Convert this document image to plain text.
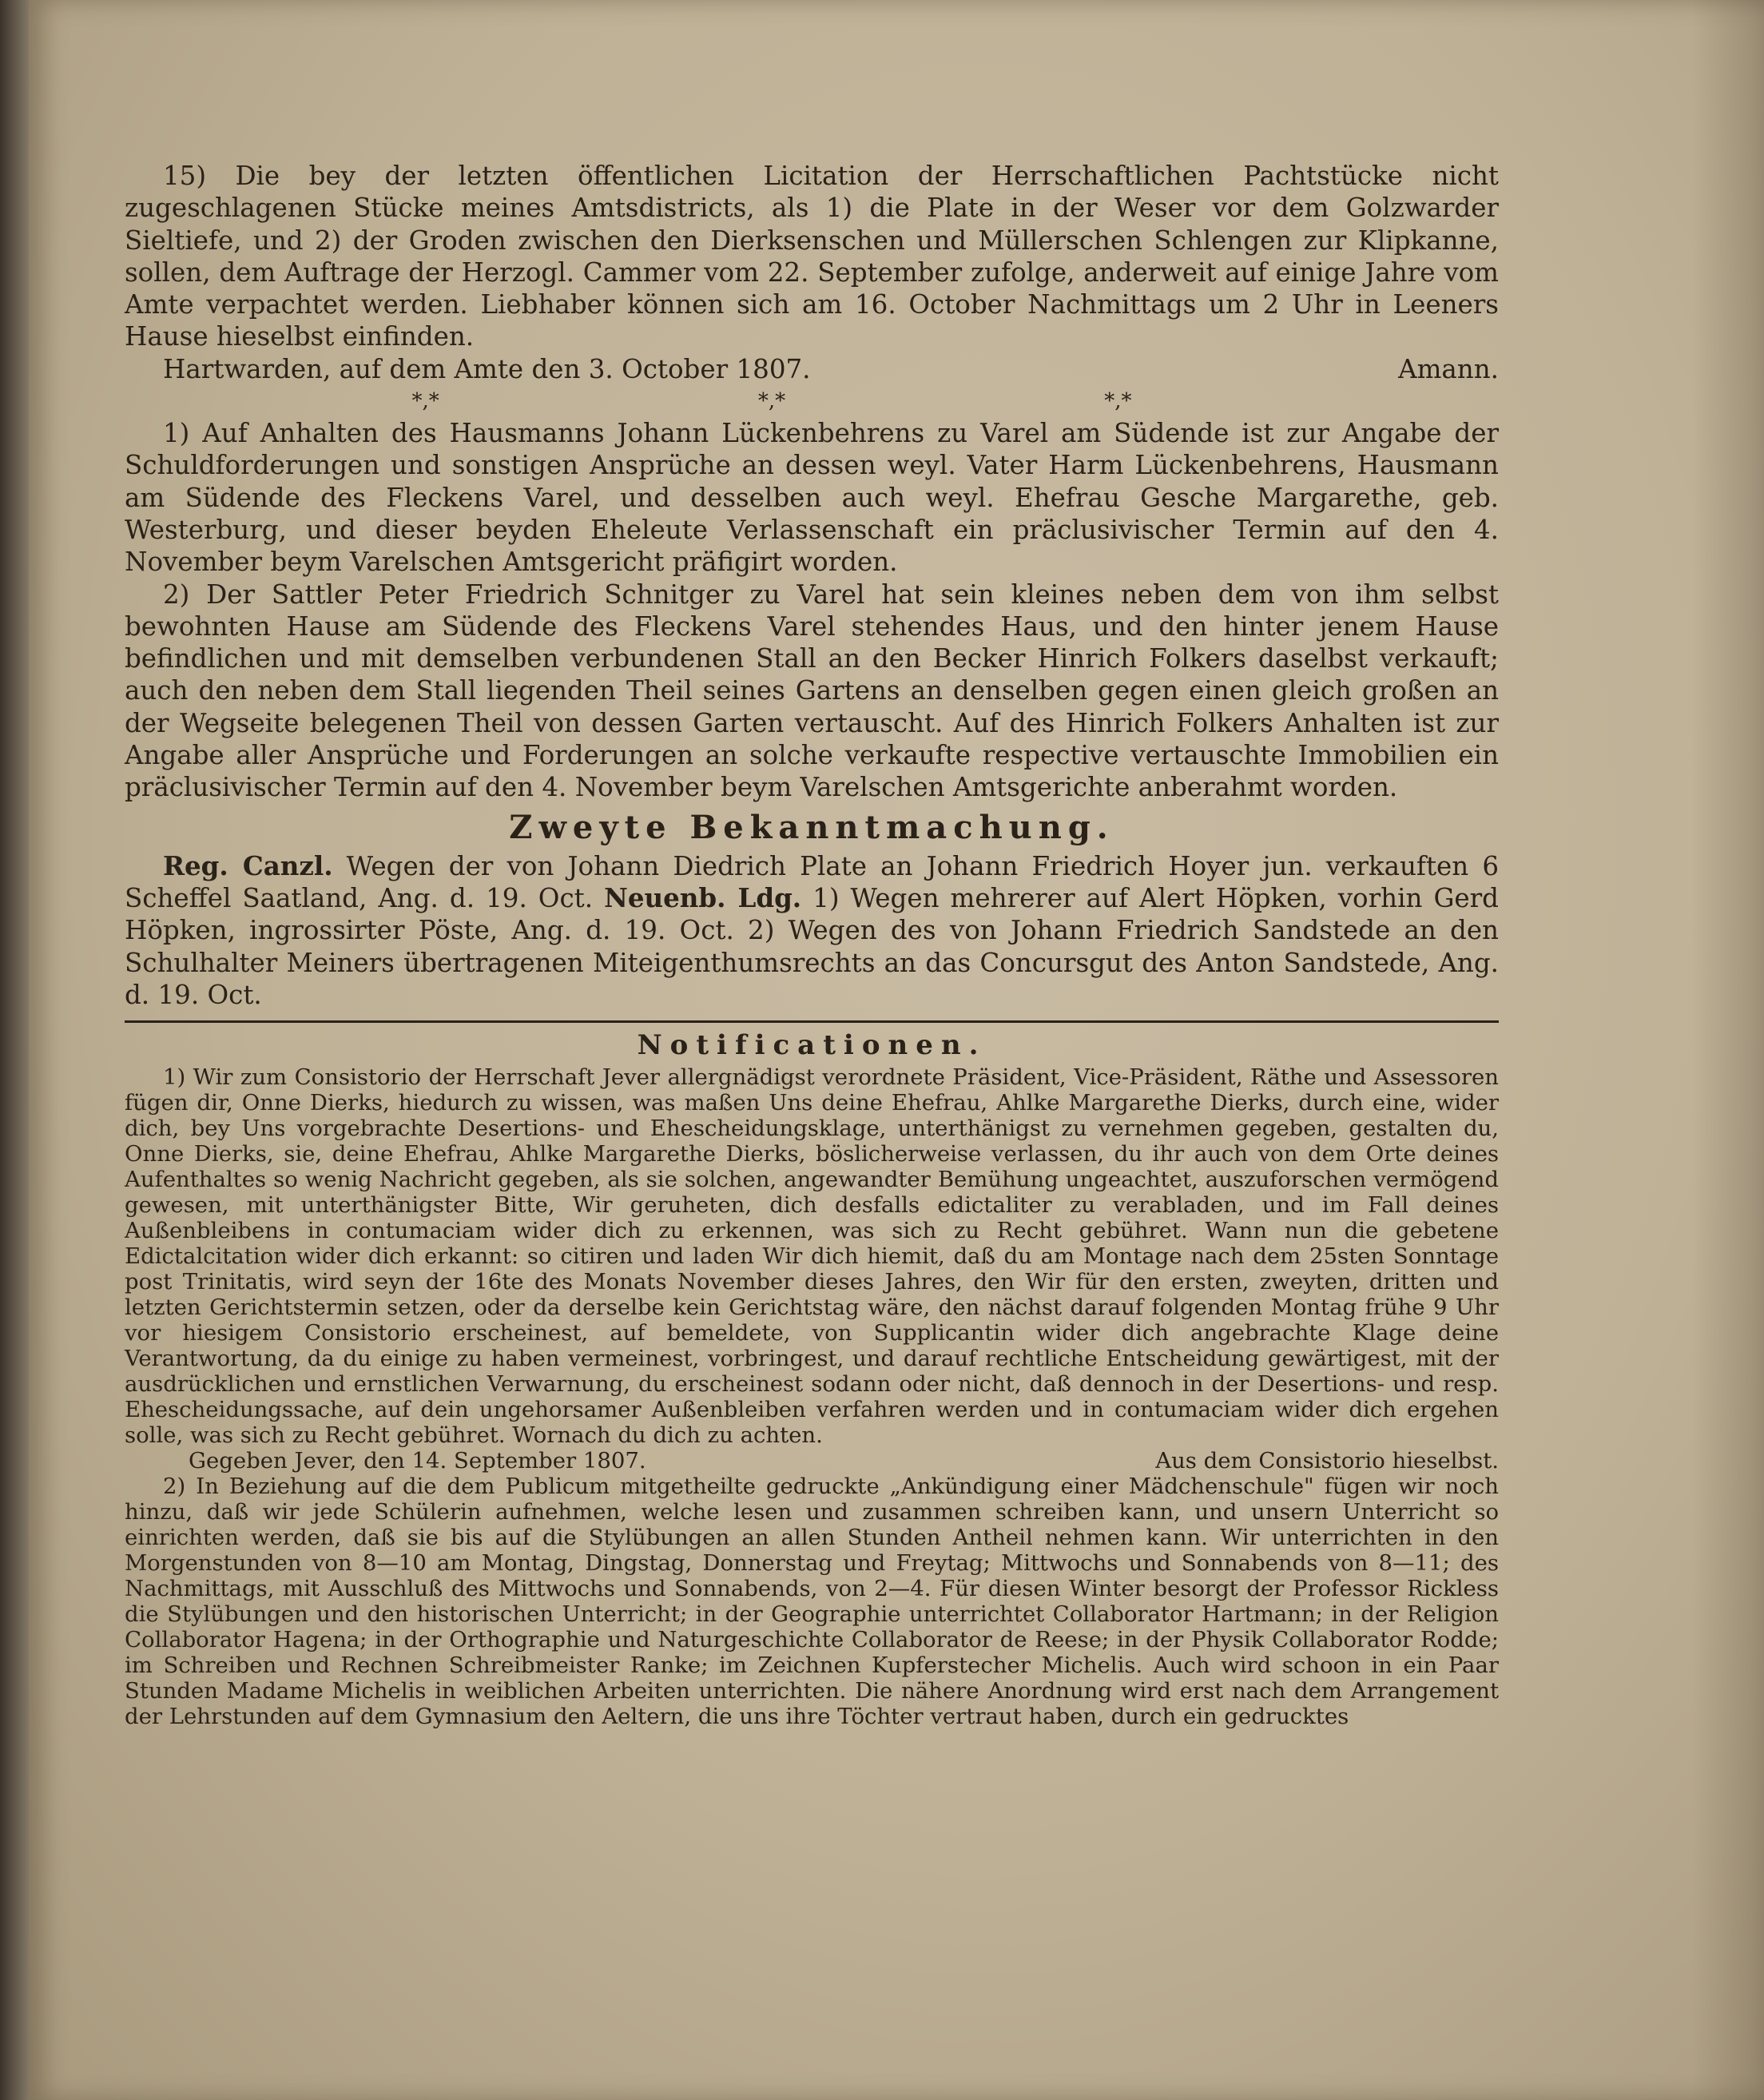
15) Die bey der letzten öffentlichen Licitation der Herrschaftlichen Pachtstücke nicht zugeschlagenen Stücke meines Amtsdistricts, als 1) die Plate in der Weser vor dem Golzwarder Sieltiefe, und 2) der Groden zwischen den Dierksenschen und Müllerschen Schlengen zur Klipkanne, sollen, dem Auftrage der Herzogl. Cammer vom 22. September zufolge, anderweit auf einige Jahre vom Amte verpachtet werden. Liebhaber können sich am 16. October Nachmittags um 2 Uhr in Leeners Hause hieselbst einfinden.

Hartwarden, auf dem Amte den 3. October 1807.	Amann.
*,*	*,*	*,*

1) Auf Anhalten des Hausmanns Johann Lückenbehrens zu Varel am Südende ist zur Angabe der Schuldforderungen und sonstigen Ansprüche an dessen weyl. Vater Harm Lückenbehrens, Hausmann am Südende des Fleckens Varel, und desselben auch weyl. Ehefrau Gesche Margarethe, geb. Westerburg, und dieser beyden Eheleute Verlassenschaft ein präclusivischer Termin auf den 4. November beym Varelschen Amtsgericht präfigirt worden.

2) Der Sattler Peter Friedrich Schnitger zu Varel hat sein kleines neben dem von ihm selbst bewohnten Hause am Südende des Fleckens Varel stehendes Haus, und den hinter jenem Hause befindlichen und mit demselben verbundenen Stall an den Becker Hinrich Folkers daselbst verkauft; auch den neben dem Stall liegenden Theil seines Gartens an denselben gegen einen gleich großen an der Wegseite belegenen Theil von dessen Garten vertauscht. Auf des Hinrich Folkers Anhalten ist zur Angabe aller Ansprüche und Forderungen an solche verkaufte respective vertauschte Immobilien ein präclusivischer Termin auf den 4. November beym Varelschen Amtsgerichte anberahmt worden.

Zweyte Bekanntmachung.

Reg. Canzl. Wegen der von Johann Diedrich Plate an Johann Friedrich Hoyer jun. verkauften 6 Scheffel Saatland, Ang. d. 19. Oct. Neuenb. Ldg. 1) Wegen mehrerer auf Alert Höpken, vorhin Gerd Höpken, ingrossirter Pöste, Ang. d. 19. Oct. 2) Wegen des von Johann Friedrich Sandstede an den Schulhalter Meiners übertragenen Miteigenthumsrechts an das Concursgut des Anton Sandstede, Ang. d. 19. Oct.

Notificationen.

1) Wir zum Consistorio der Herrschaft Jever allergnädigst verordnete Präsident, Vice-Präsident, Räthe und Assessoren fügen dir, Onne Dierks, hiedurch zu wissen, was maßen Uns deine Ehefrau, Ahlke Margarethe Dierks, durch eine, wider dich, bey Uns vorgebrachte Desertions- und Ehescheidungsklage, unterthänigst zu vernehmen gegeben, gestalten du, Onne Dierks, sie, deine Ehefrau, Ahlke Margarethe Dierks, böslicherweise verlassen, du ihr auch von dem Orte deines Aufenthaltes so wenig Nachricht gegeben, als sie solchen, angewandter Bemühung ungeachtet, auszuforschen vermögend gewesen, mit unterthänigster Bitte, Wir geruheten, dich desfalls edictaliter zu verabladen, und im Fall deines Außenbleibens in contumaciam wider dich zu erkennen, was sich zu Recht gebühret. Wann nun die gebetene Edictalcitation wider dich erkannt: so citiren und laden Wir dich hiemit, daß du am Montage nach dem 25sten Sonntage post Trinitatis, wird seyn der 16te des Monats November dieses Jahres, den Wir für den ersten, zweyten, dritten und letzten Gerichtstermin setzen, oder da derselbe kein Gerichtstag wäre, den nächst darauf folgenden Montag frühe 9 Uhr vor hiesigem Consistorio erscheinest, auf bemeldete, von Supplicantin wider dich angebrachte Klage deine Verantwortung, da du einige zu haben vermeinest, vorbringest, und darauf rechtliche Entscheidung gewärtigest, mit der ausdrücklichen und ernstlichen Verwarnung, du erscheinest sodann oder nicht, daß dennoch in der Desertions- und resp. Ehescheidungssache, auf dein ungehorsamer Außenbleiben verfahren werden und in contumaciam wider dich ergehen solle, was sich zu Recht gebühret. Wornach du dich zu achten.

Gegeben Jever, den 14. September 1807.	Aus dem Consistorio hieselbst.

2) In Beziehung auf die dem Publicum mitgetheilte gedruckte „Ankündigung einer Mädchenschule" fügen wir noch hinzu, daß wir jede Schülerin aufnehmen, welche lesen und zusammen schreiben kann, und unsern Unterricht so einrichten werden, daß sie bis auf die Stylübungen an allen Stunden Antheil nehmen kann. Wir unterrichten in den Morgenstunden von 8—10 am Montag, Dingstag, Donnerstag und Freytag; Mittwochs und Sonnabends von 8—11; des Nachmittags, mit Ausschluß des Mittwochs und Sonnabends, von 2—4. Für diesen Winter besorgt der Professor Rickless die Stylübungen und den historischen Unterricht; in der Geographie unterrichtet Collaborator Hartmann; in der Religion Collaborator Hagena; in der Orthographie und Naturgeschichte Collaborator de Reese; in der Physik Collaborator Rodde; im Schreiben und Rechnen Schreibmeister Ranke; im Zeichnen Kupferstecher Michelis. Auch wird schoon in ein Paar Stunden Madame Michelis in weiblichen Arbeiten unterrichten. Die nähere Anordnung wird erst nach dem Arrangement der Lehrstunden auf dem Gymnasium den Aeltern, die uns ihre Töchter vertraut haben, durch ein gedrucktes
